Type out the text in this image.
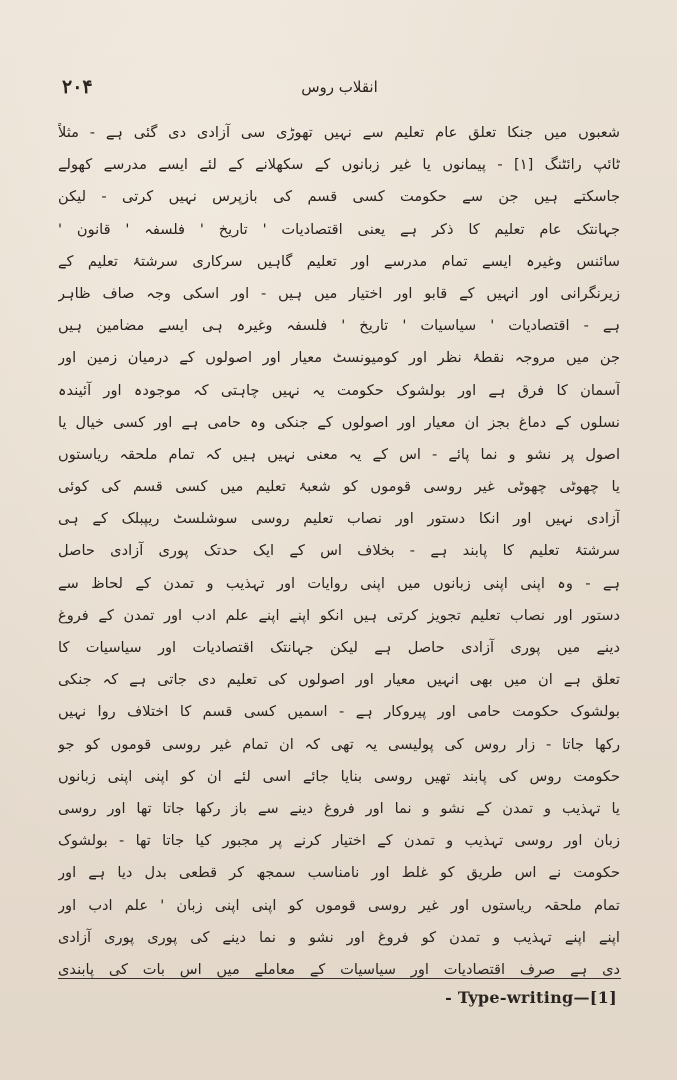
۲۰۴	انقلاب روس
شعبوں میں جنکا تعلق عام تعلیم سے نہیں تھوڑی سی آزادی دی گئی ہے - مثلاً
ٹائپ رائٹنگ [۱] - پیمانوں یا غیر زبانوں کے سکھلانے کے لئے ایسے مدرسے کھولے
جاسکتے ہیں جن سے حکومت کسی قسم کی بازپرس نہیں کرتی - لیکن
جہانتک عام تعلیم کا ذکر ہے یعنی اقتصادیات ' تاریخ ' فلسفہ ' قانون '
سائنس وغیرہ ایسے تمام مدرسے اور تعلیم گاہیں سرکاری سرشتۂ تعلیم کے
زیرنگرانی اور انہیں کے قابو اور اختیار میں ہیں - اور اسکی وجہ صاف ظاہر
ہے - اقتصادیات ' سیاسیات ' تاریخ ' فلسفہ وغیرہ ہی ایسے مضامین ہیں
جن میں مروجہ نقطۂ نظر اور کومیونسٹ معیار اور اصولوں کے درمیان زمین اور
آسمان کا فرق ہے اور بولشوک حکومت یہ نہیں چاہتی کہ موجودہ اور آئیندہ
نسلوں کے دماغ بجز ان معیار اور اصولوں کے جنکی وہ حامی ہے اور کسی خیال یا
اصول پر نشو و نما پائے - اس کے یہ معنی نہیں ہیں کہ تمام ملحقہ ریاستوں
یا چھوٹی چھوٹی غیر روسی قوموں کو شعبۂ تعلیم میں کسی قسم کی کوئی
آزادی نہیں اور انکا دستور اور نصاب تعلیم روسی سوشلسٹ ریپبلک کے ہی
سرشتۂ تعلیم کا پابند ہے - بخلاف اس کے ایک حدتک پوری آزادی حاصل
ہے - وہ اپنی اپنی زبانوں میں اپنی روایات اور تہذیب و تمدن کے لحاظ سے
دستور اور نصاب تعلیم تجویز کرتی ہیں انکو اپنے اپنے علم ادب اور تمدن کے فروغ
دینے میں پوری آزادی حاصل ہے لیکن جہانتک اقتصادیات اور سیاسیات کا
تعلق ہے ان میں بھی انہیں معیار اور اصولوں کی تعلیم دی جاتی ہے کہ جنکی
بولشوک حکومت حامی اور پیروکار ہے - اسمیں کسی قسم کا اختلاف روا نہیں
رکھا جاتا - زار روس کی پولیسی یہ تھی کہ ان تمام غیر روسی قوموں کو جو
حکومت روس کی پابند تھیں روسی بنایا جائے اسی لئے ان کو اپنی اپنی زبانوں
یا تہذیب و تمدن کے نشو و نما اور فروغ دینے سے باز رکھا جاتا تھا اور روسی
زبان اور روسی تہذیب و تمدن کے اختیار کرنے پر مجبور کیا جاتا تھا - بولشوک
حکومت نے اس طریق کو غلط اور نامناسب سمجھ کر قطعی بدل دیا ہے اور
تمام ملحقہ ریاستوں اور غیر روسی قوموں کو اپنی اپنی زبان ' علم ادب اور
اپنے اپنے تہذیب و تمدن کو فروغ اور نشو و نما دینے کی پوری پوری آزادی
دی ہے صرف اقتصادیات اور سیاسیات کے معاملے میں اس بات کی پابندی
- Type-writing—[1]
